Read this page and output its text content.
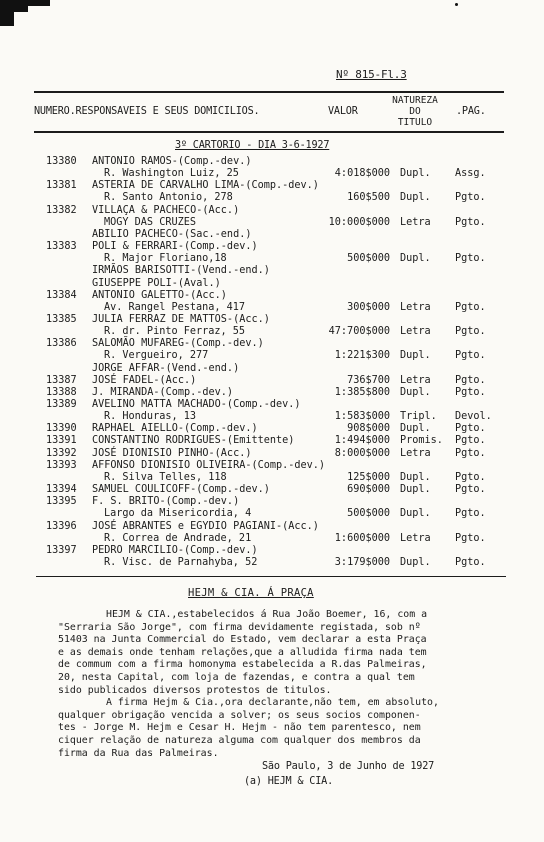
Nº 815-Fl.3
NUMERO.RESPONSAVEIS E SEUS DOMICILIOS.	VALOR
NATUREZA
DO
TITULO
.PAG.
3º CARTORIO - DIA 3-6-1927
13380 ANTONIO RAMOS-(Comp.-dev.)
R. Washington Luiz, 25	4:018$000 Dupl. Assg.
13381 ASTERIA DE CARVALHO LIMA-(Comp.-dev.)
R. Santo Antonio, 278	160$500 Dupl. Pgto.
13382 VILLAÇA & PACHECO-(Acc.)
MOGY DAS CRUZES	10:000$000 Letra Pgto.
ABILIO PACHECO-(Sac.-end.)
13383 POLI & FERRARI-(Comp.-dev.)
R. Major Floriano,18	500$000 Dupl. Pgto.
IRMÃOS BARISOTTI-(Vend.-end.)
GIUSEPPE POLI-(Aval.)
13384 ANTONIO GALETTO-(Acc.)
Av. Rangel Pestana, 417	300$000 Letra Pgto.
13385 JULIA FERRAZ DE MATTOS-(Acc.)
R. dr. Pinto Ferraz, 55	47:700$000 Letra Pgto.
13386 SALOMÃO MUFAREG-(Comp.-dev.)
R. Vergueiro, 277	1:221$300 Dupl. Pgto.
JORGE AFFAR-(Vend.-end.)
13387 JOSÉ FADEL-(Acc.)	736$700 Letra Pgto.
13388 J. MIRANDA-(Comp.-dev.)	1:385$800 Dupl. Pgto.
13389 AVELINO MATTA MACHADO-(Comp.-dev.)
R. Honduras, 13	1:583$000 Tripl. Devol.
13390 RAPHAEL AIELLO-(Comp.-dev.)	908$000 Dupl. Pgto.
13391 CONSTANTINO RODRIGUES-(Emittente)	1:494$000 Promis. Pgto.
13392 JOSÉ DIONISIO PINHO-(Acc.)	8:000$000 Letra Pgto.
13393 AFFONSO DIONISIO OLIVEIRA-(Comp.-dev.)
R. Silva Telles, 118	125$000 Dupl. Pgto.
13394 SAMUEL COULICOFF-(Comp.-dev.)	690$000 Dupl. Pgto.
13395 F. S. BRITO-(Comp.-dev.)
Largo da Misericordia, 4	500$000 Dupl. Pgto.
13396 JOSÉ ABRANTES e EGYDIO PAGIANI-(Acc.)
R. Correa de Andrade, 21	1:600$000 Letra Pgto.
13397 PEDRO MARCILIO-(Comp.-dev.)
R. Visc. de Parnahyba, 52	3:179$000 Dupl. Pgto.
HEJM & CIA. Á PRAÇA
HEJM & CIA.,estabelecidos á Rua João Boemer, 16, com a
"Serraria São Jorge", com firma devidamente registada, sob nº
51403 na Junta Commercial do Estado, vem declarar a esta Praça
e as demais onde tenham relações,que a alludida firma nada tem
de commum com a firma homonyma estabelecida a R.das Palmeiras,
20, nesta Capital, com loja de fazendas, e contra a qual tem
sido publicados diversos protestos de titulos.
A firma Hejm & Cia.,ora declarante,não tem, em absoluto,
qualquer obrigação vencida a solver; os seus socios componen-
tes - Jorge M. Hejm e Cesar H. Hejm - não tem parentesco, nem
ciquer relação de natureza alguma com qualquer dos membros da
firma da Rua das Palmeiras.
São Paulo, 3 de Junho de 1927
(a) HEJM & CIA.
